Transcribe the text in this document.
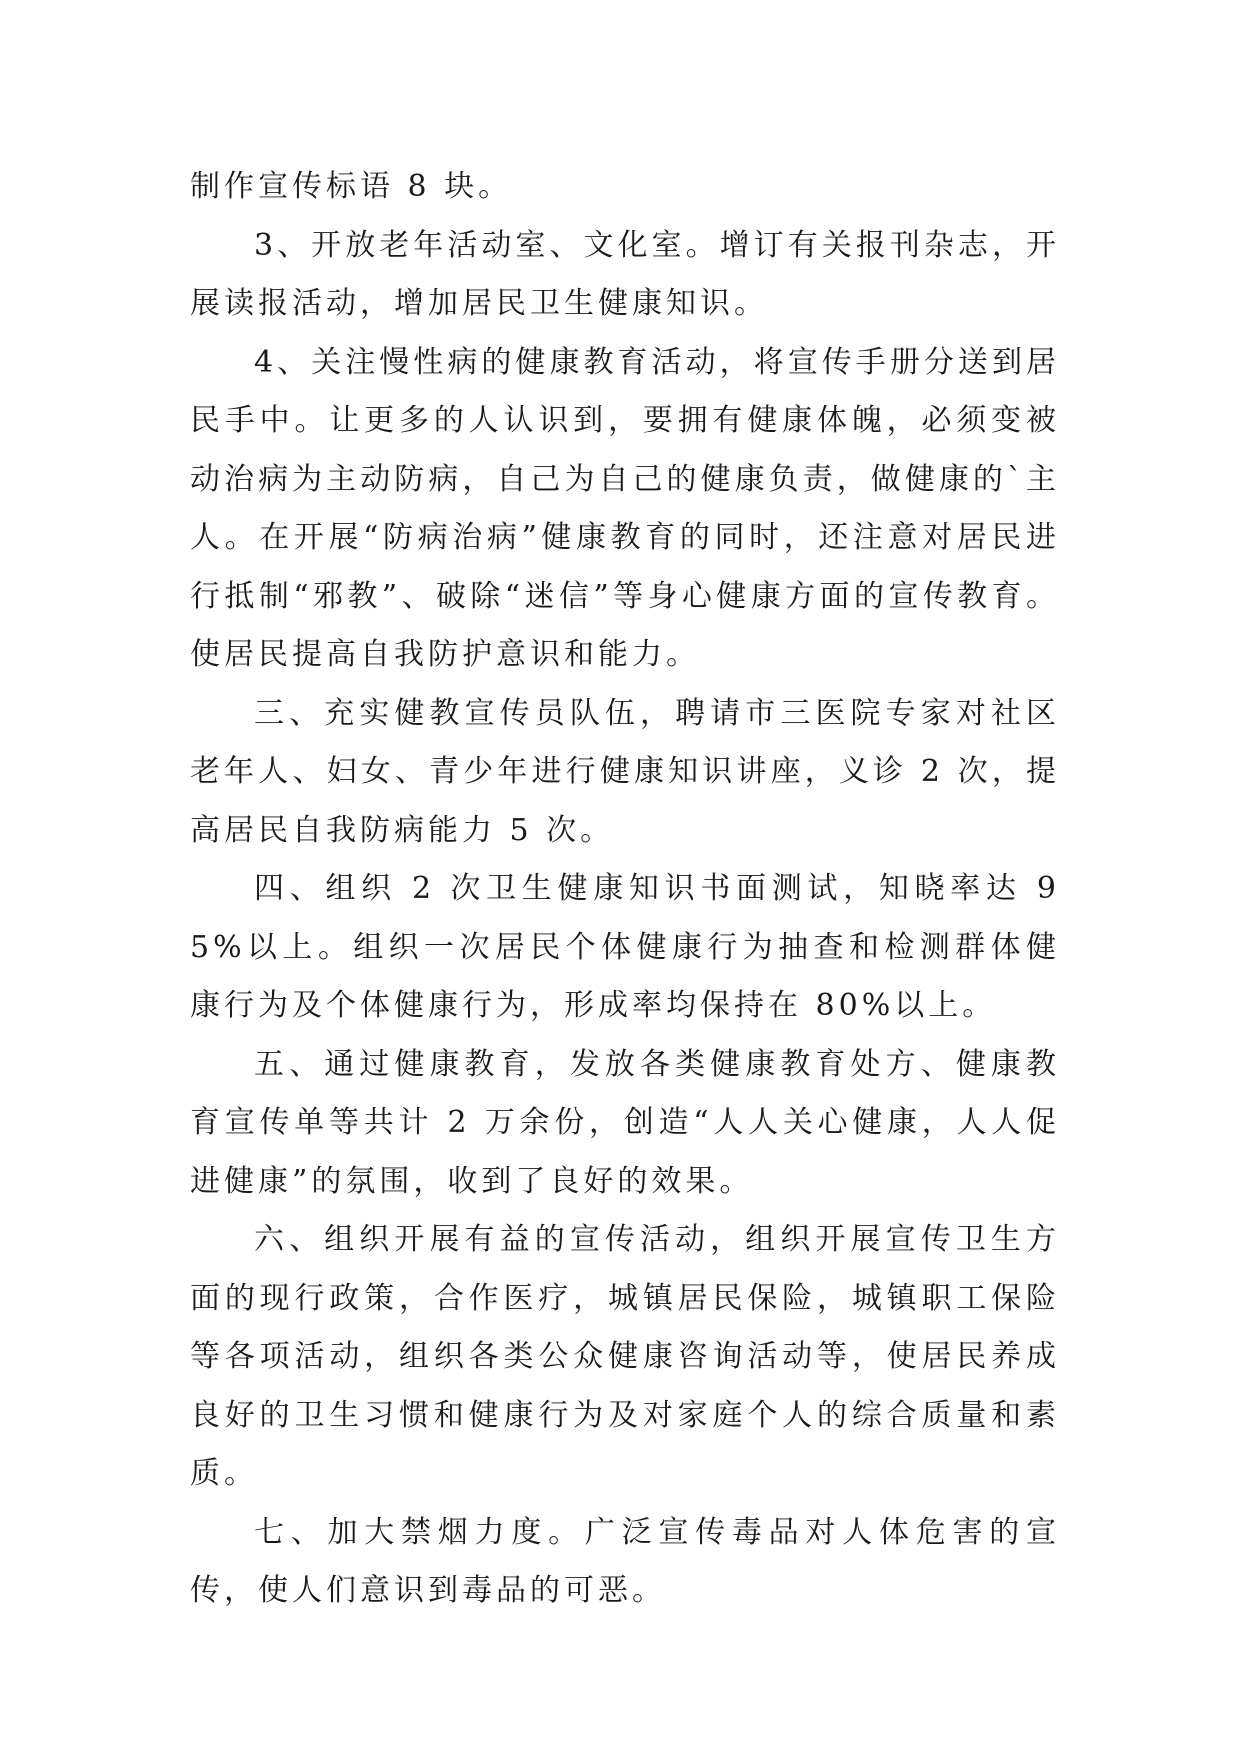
制作宣传标语 8 块。

3、开放老年活动室、文化室。增订有关报刊杂志，开展读报活动，增加居民卫生健康知识。

4、关注慢性病的健康教育活动，将宣传手册分送到居民手中。让更多的人认识到，要拥有健康体魄，必须变被动治病为主动防病，自己为自己的健康负责，做健康的`主人。在开展“防病治病”健康教育的同时，还注意对居民进行抵制“邪教”、破除“迷信”等身心健康方面的宣传教育。使居民提高自我防护意识和能力。

三、充实健教宣传员队伍，聘请市三医院专家对社区老年人、妇女、青少年进行健康知识讲座，义诊 2 次，提高居民自我防病能力 5 次。

四、组织 2 次卫生健康知识书面测试，知晓率达 95%以上。组织一次居民个体健康行为抽查和检测群体健康行为及个体健康行为，形成率均保持在 80%以上。

五、通过健康教育，发放各类健康教育处方、健康教育宣传单等共计 2 万余份，创造“人人关心健康，人人促进健康”的氛围，收到了良好的效果。

六、组织开展有益的宣传活动，组织开展宣传卫生方面的现行政策，合作医疗，城镇居民保险，城镇职工保险等各项活动，组织各类公众健康咨询活动等，使居民养成良好的卫生习惯和健康行为及对家庭个人的综合质量和素质。

七、加大禁烟力度。广泛宣传毒品对人体危害的宣传，使人们意识到毒品的可恶。
